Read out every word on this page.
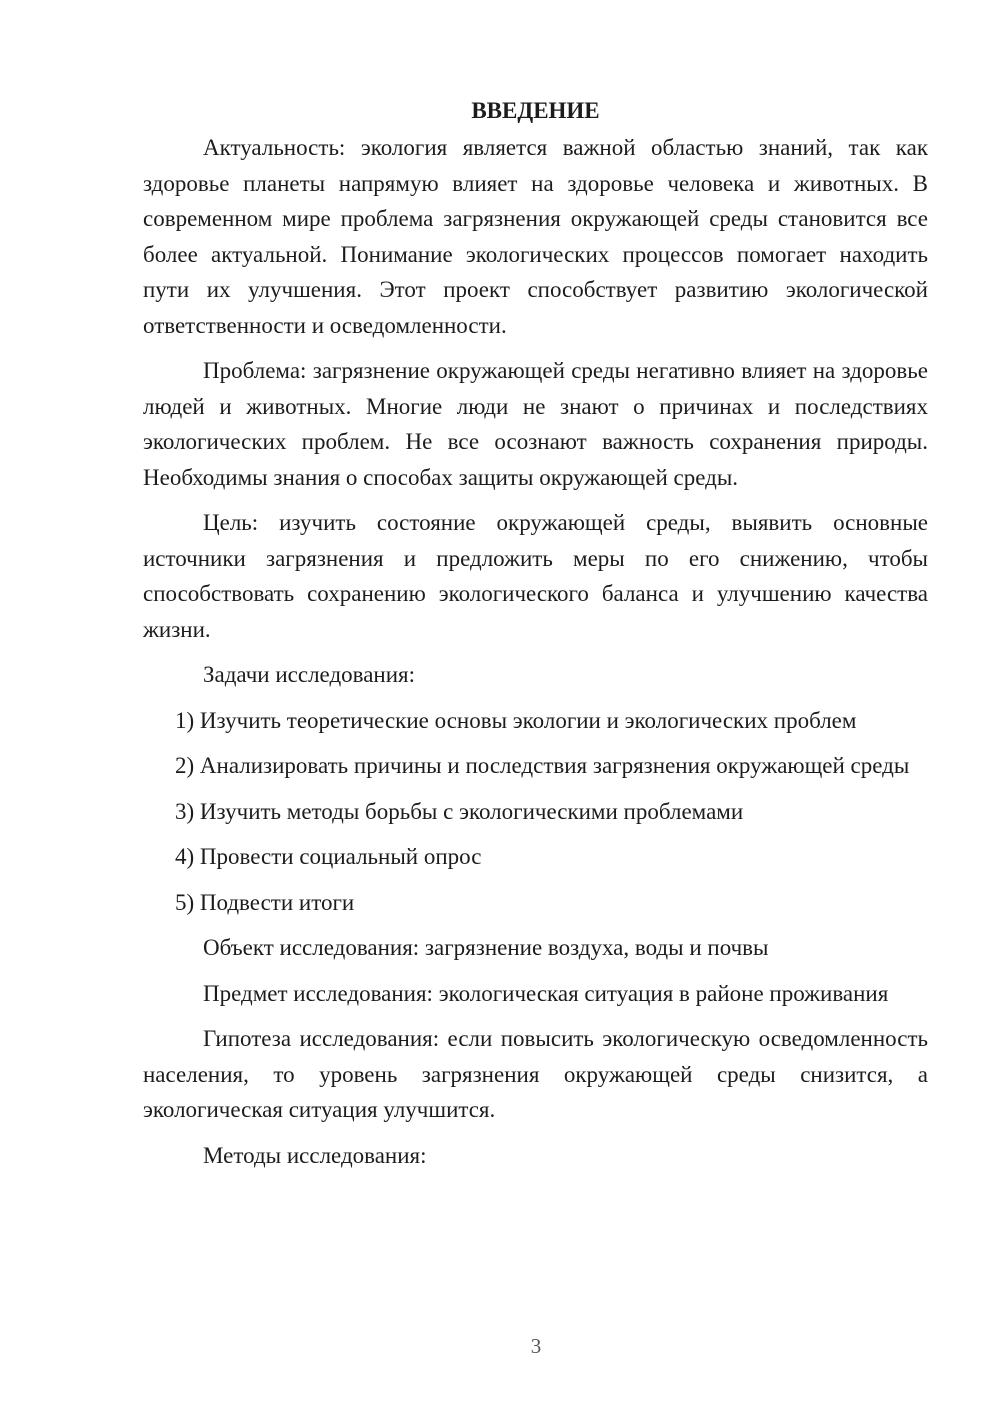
ВВЕДЕНИЕ

Актуальность: экология является важной областью знаний, так как здоровье планеты напрямую влияет на здоровье человека и животных. В современном мире проблема загрязнения окружающей среды становится все более актуальной. Понимание экологических процессов помогает находить пути их улучшения. Этот проект способствует развитию экологической ответственности и осведомленности.

Проблема: загрязнение окружающей среды негативно влияет на здоровье людей и животных. Многие люди не знают о причинах и последствиях экологических проблем. Не все осознают важность сохранения природы. Необходимы знания о способах защиты окружающей среды.

Цель: изучить состояние окружающей среды, выявить основные источники загрязнения и предложить меры по его снижению, чтобы способствовать сохранению экологического баланса и улучшению качества жизни.

Задачи исследования:

1) Изучить теоретические основы экологии и экологических проблем

2) Анализировать причины и последствия загрязнения окружающей среды

3) Изучить методы борьбы с экологическими проблемами

4) Провести социальный опрос

5) Подвести итоги

Объект исследования: загрязнение воздуха, воды и почвы

Предмет исследования: экологическая ситуация в районе проживания

Гипотеза исследования: если повысить экологическую осведомленность населения, то уровень загрязнения окружающей среды снизится, а экологическая ситуация улучшится.

Методы исследования:

3
